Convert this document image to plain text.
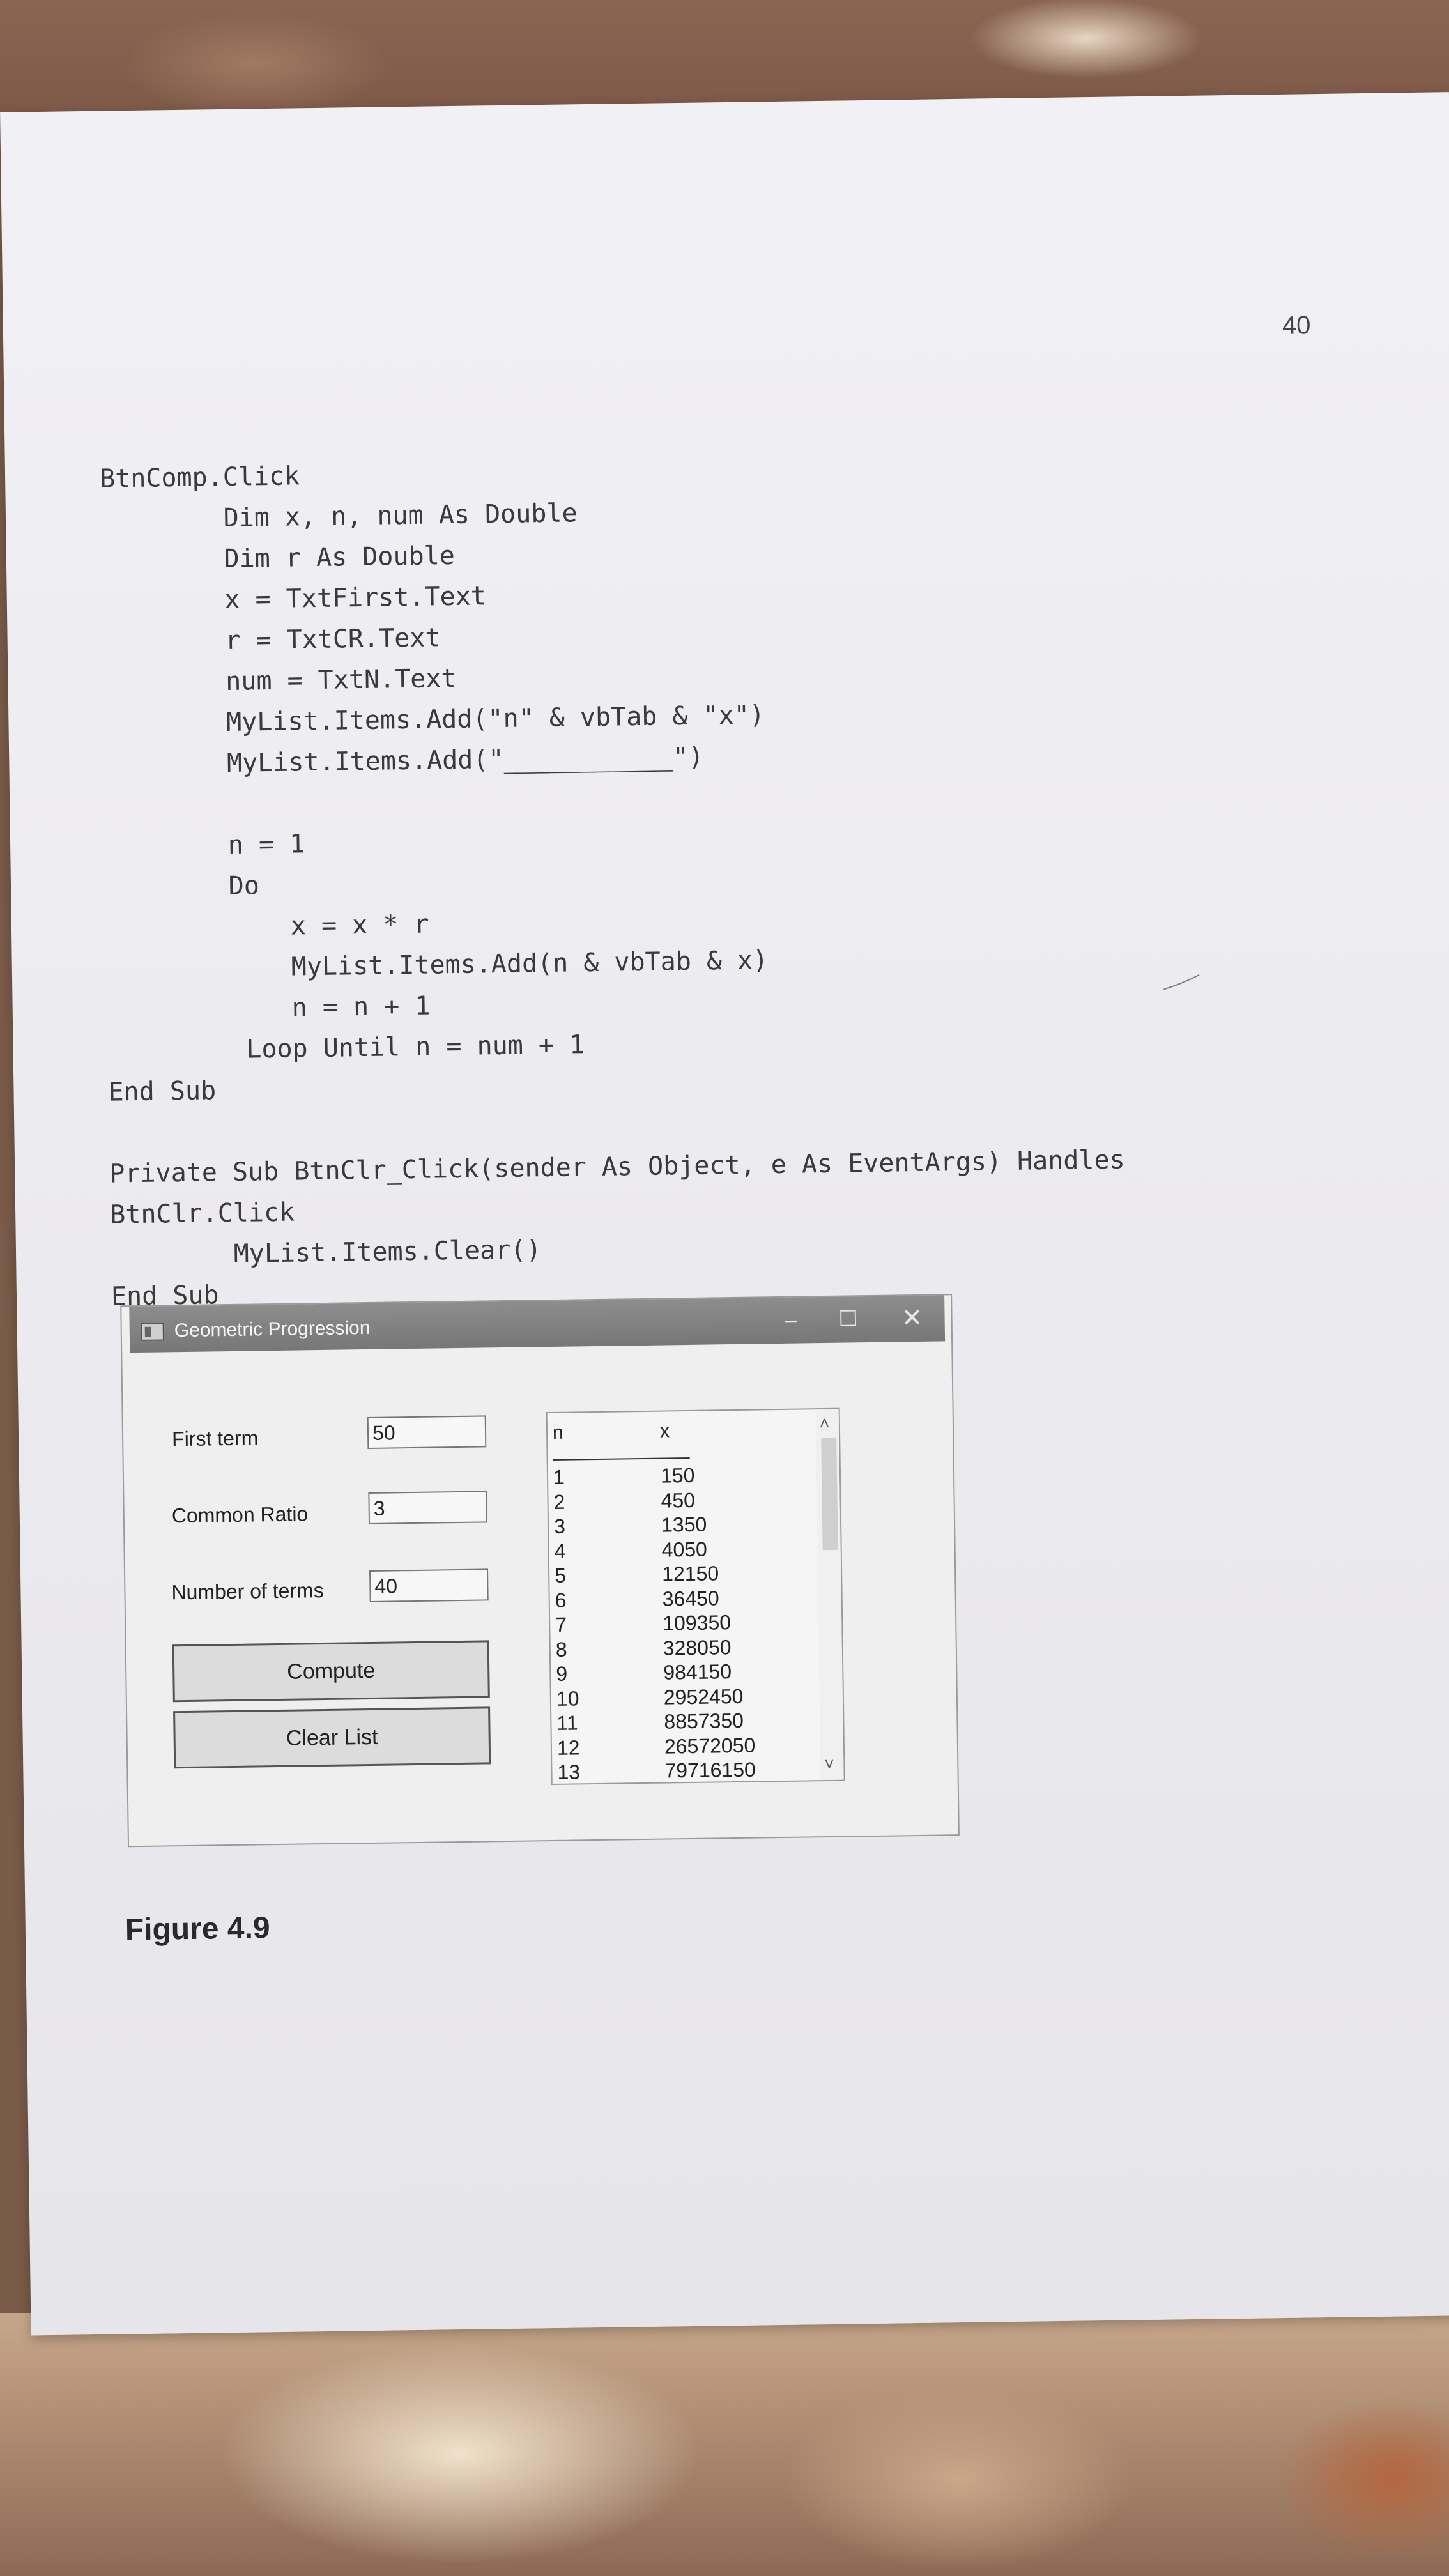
40
BtnComp.Click
Dim x, n, num As Double
Dim r As Double
x = TxtFirst.Text
r = TxtCR.Text
num = TxtN.Text
MyList.Items.Add("n" & vbTab & "x")
MyList.Items.Add("___________")
n = 1
Do
x = x * r
MyList.Items.Add(n & vbTab & x)
n = n + 1
Loop Until n = num + 1
End Sub
Private Sub BtnClr_Click(sender As Object, e As EventArgs) Handles
BtnClr.Click
MyList.Items.Clear()
End Sub
Geometric Progression	–	☐	✕
First term
50
Common Ratio
3
Number of terms
40
Compute
Clear List
n	x
1	150
2	450
3	1350
4	4050
5	12150
6	36450
7	109350
8	328050
9	984150
10	2952450
11	8857350
12	26572050
13	79716150
˄
˅
Figure 4.9
